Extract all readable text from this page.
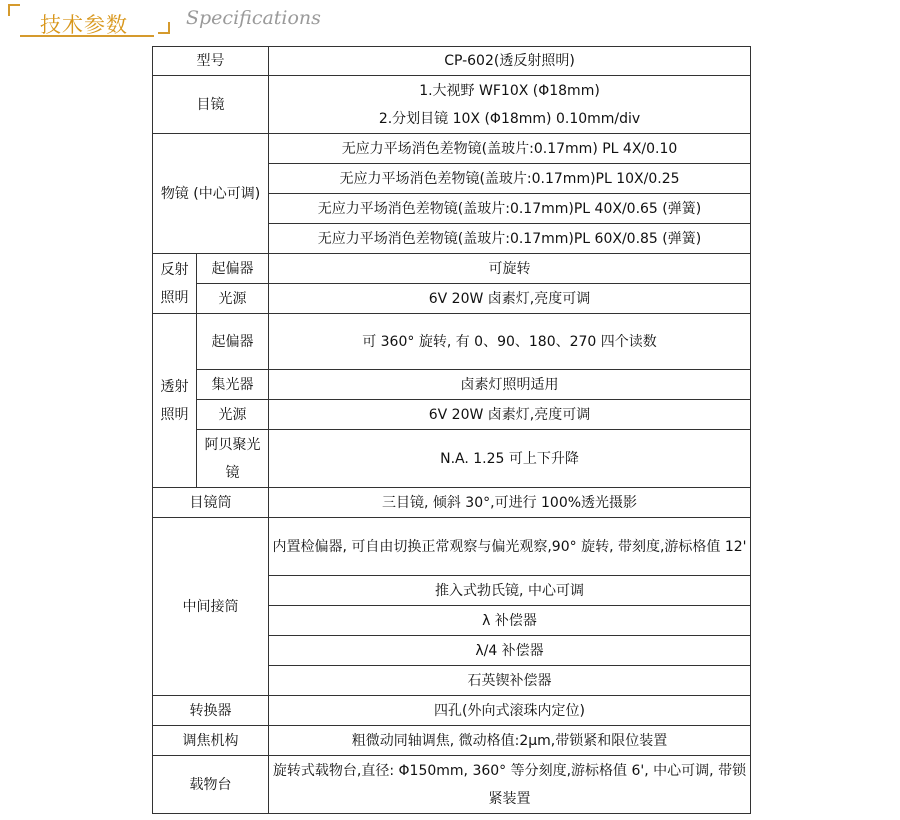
技术参数	Specifications
型号		CP-602(透反射照明)
目镜		1.大视野 WF10X (Φ18mm)
2.分划目镜 10X (Φ18mm) 0.10mm/div

物镜 (中心可调)		无应力平场消色差物镜(盖玻片:0.17mm) PL 4X/0.10
		无应力平场消色差物镜(盖玻片:0.17mm)PL 10X/0.25
		无应力平场消色差物镜(盖玻片:0.17mm)PL 40X/0.65 (弹簧)
		无应力平场消色差物镜(盖玻片:0.17mm)PL 60X/0.85 (弹簧)
反射照明	起偏器	可旋转
	光源	6V 20W 卤素灯,亮度可调
透射照明	起偏器	可 360° 旋转, 有 0、90、180、270 四个读数
	集光器	卤素灯照明适用
	光源	6V 20W 卤素灯,亮度可调
	阿贝聚光镜	N.A. 1.25 可上下升降
目镜筒		三目镜, 倾斜 30°,可进行 100%透光摄影
中间接筒		内置检偏器, 可自由切换正常观察与偏光观察,90° 旋转, 带刻度,游标格值 12'
		推入式勃氏镜, 中心可调
		λ 补偿器
		λ/4 补偿器
		石英锲补偿器
转换器		四孔(外向式滚珠内定位)
调焦机构		粗微动同轴调焦, 微动格值:2μm,带锁紧和限位装置
载物台		旋转式载物台,直径: Φ150mm, 360° 等分刻度,游标格值 6', 中心可调, 带锁紧装置
